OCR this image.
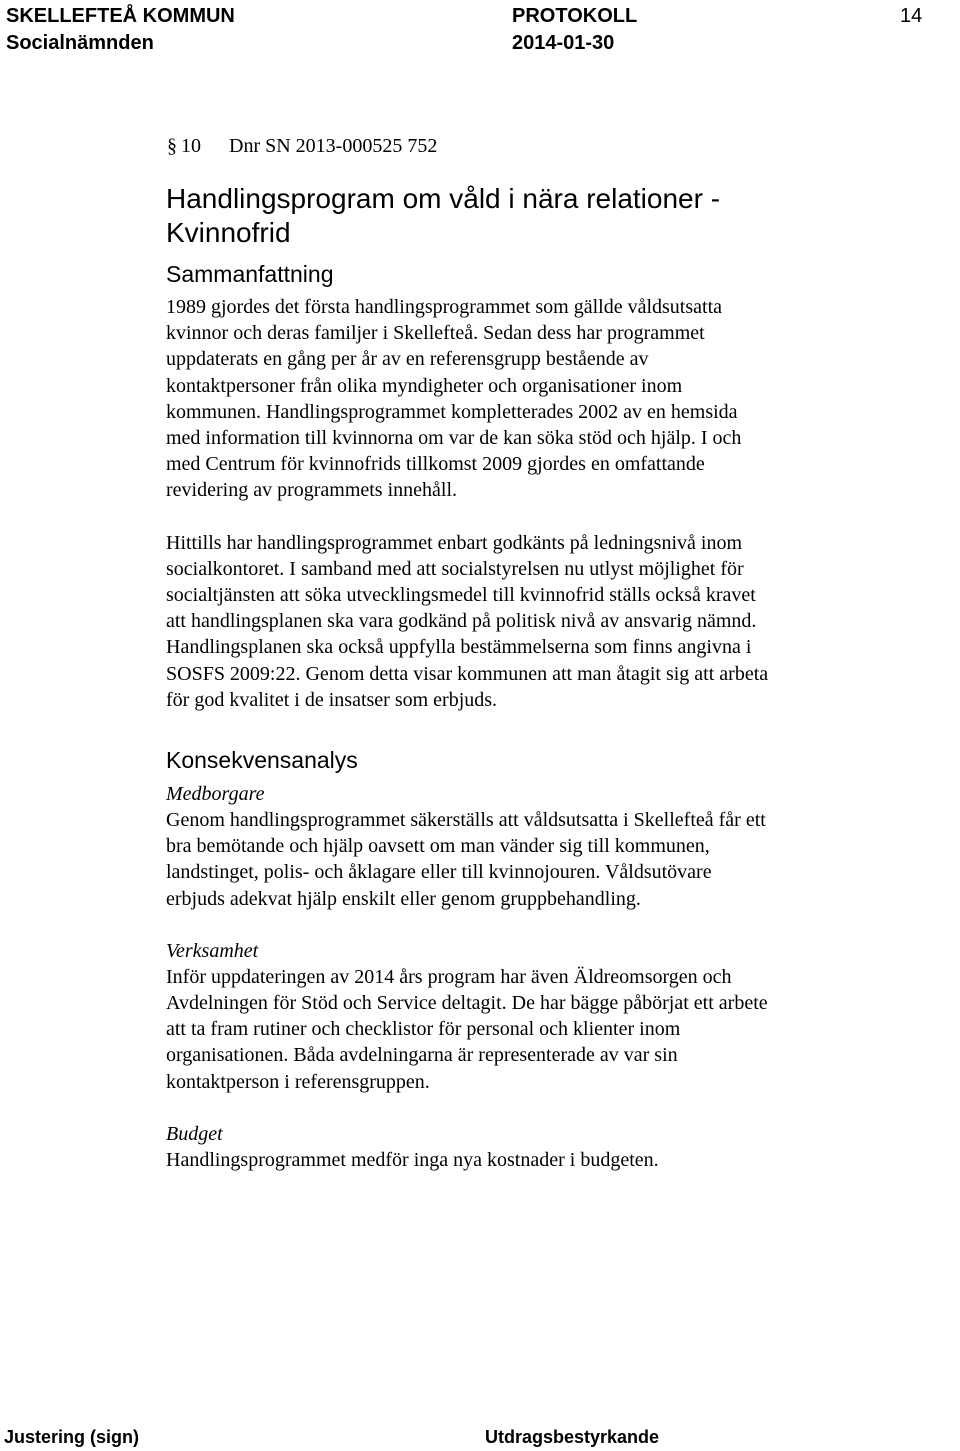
SKELLEFTEÅ KOMMUN
Socialnämnden
PROTOKOLL
2014-01-30
14
§ 10 Dnr SN 2013-000525 752
Handlingsprogram om våld i nära relationer -
Kvinnofrid
Sammanfattning

1989 gjordes det första handlingsprogrammet som gällde våldsutsatta
kvinnor och deras familjer i Skellefteå. Sedan dess har programmet
uppdaterats en gång per år av en referensgrupp bestående av
kontaktpersoner från olika myndigheter och organisationer inom
kommunen. Handlingsprogrammet kompletterades 2002 av en hemsida
med information till kvinnorna om var de kan söka stöd och hjälp. I och
med Centrum för kvinnofrids tillkomst 2009 gjordes en omfattande
revidering av programmets innehåll.

Hittills har handlingsprogrammet enbart godkänts på ledningsnivå inom
socialkontoret. I samband med att socialstyrelsen nu utlyst möjlighet för
socialtjänsten att söka utvecklingsmedel till kvinnofrid ställs också kravet
att handlingsplanen ska vara godkänd på politisk nivå av ansvarig nämnd.
Handlingsplanen ska också uppfylla bestämmelserna som finns angivna i
SOSFS 2009:22. Genom detta visar kommunen att man åtagit sig att arbeta
för god kvalitet i de insatser som erbjuds.

Konsekvensanalys
Medborgare

Genom handlingsprogrammet säkerställs att våldsutsatta i Skellefteå får ett
bra bemötande och hjälp oavsett om man vänder sig till kommunen,
landstinget, polis- och åklagare eller till kvinnojouren. Våldsutövare
erbjuds adekvat hjälp enskilt eller genom gruppbehandling.

Verksamhet

Inför uppdateringen av 2014 års program har även Äldreomsorgen och
Avdelningen för Stöd och Service deltagit. De har bägge påbörjat ett arbete
att ta fram rutiner och checklistor för personal och klienter inom
organisationen. Båda avdelningarna är representerade av var sin
kontaktperson i referensgruppen.

Budget

Handlingsprogrammet medför inga nya kostnader i budgeten.

Justering (sign)	Utdragsbestyrkande
